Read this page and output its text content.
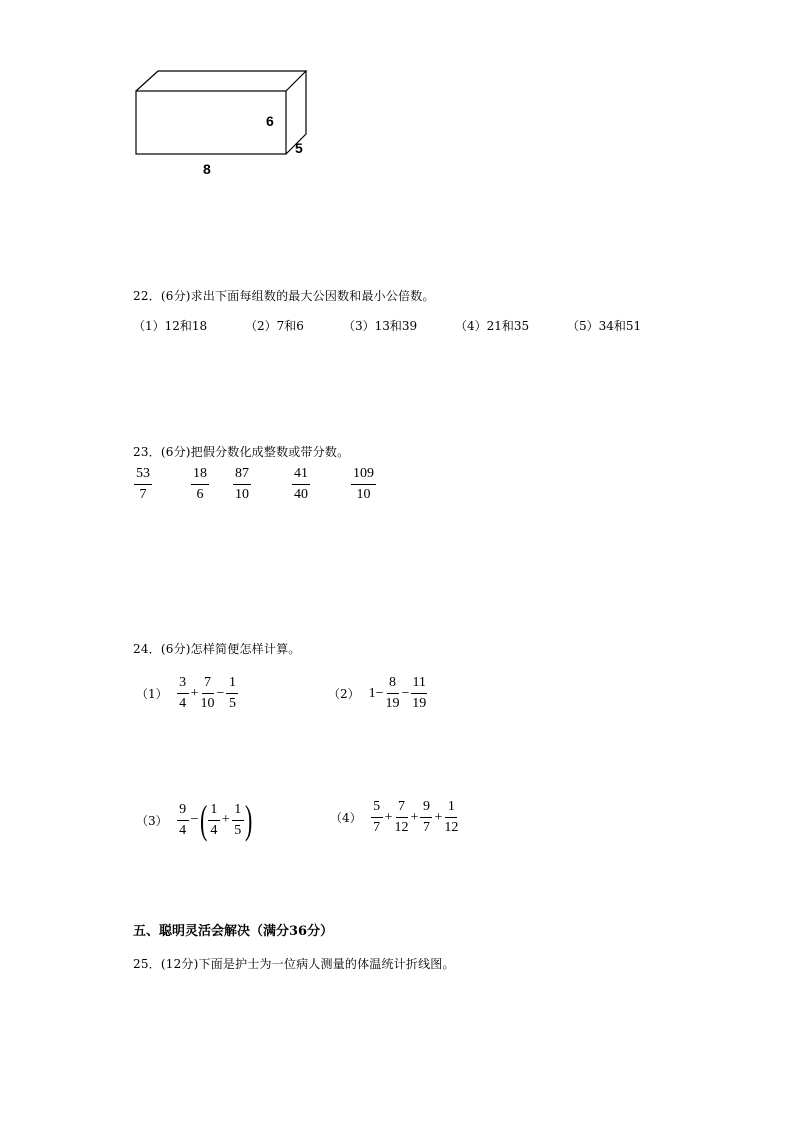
6
5
8
22．(6分)求出下面每组数的最大公因数和最小公倍数。
（1）12和18	（2）7和6	（3）13和39	（4）21和35	（5）34和51
23．(6分)把假分数化成整数或带分数。
$\frac{53}{7}$	$\frac{18}{6} \frac{87}{10}$	$\frac{41}{40}$	$\frac{109}{10}$
24．(6分)怎样简便怎样计算。
$(1) \frac{3}{4} + \frac{7}{10} - \frac{1}{5}$	（2） $1- \frac{8}{19} - \frac{11}{19}$
$(3) \frac{9}{4}$ − ( $\frac{1}{4} + \frac{1}{5}$ )	$(4) \frac{5}{7} + \frac{7}{12} + \frac{9}{7} + \frac{1}{12}$
五、聪明灵活会解决（满分36分）
25．(12分)下面是护士为一位病人测量的体温统计折线图。
